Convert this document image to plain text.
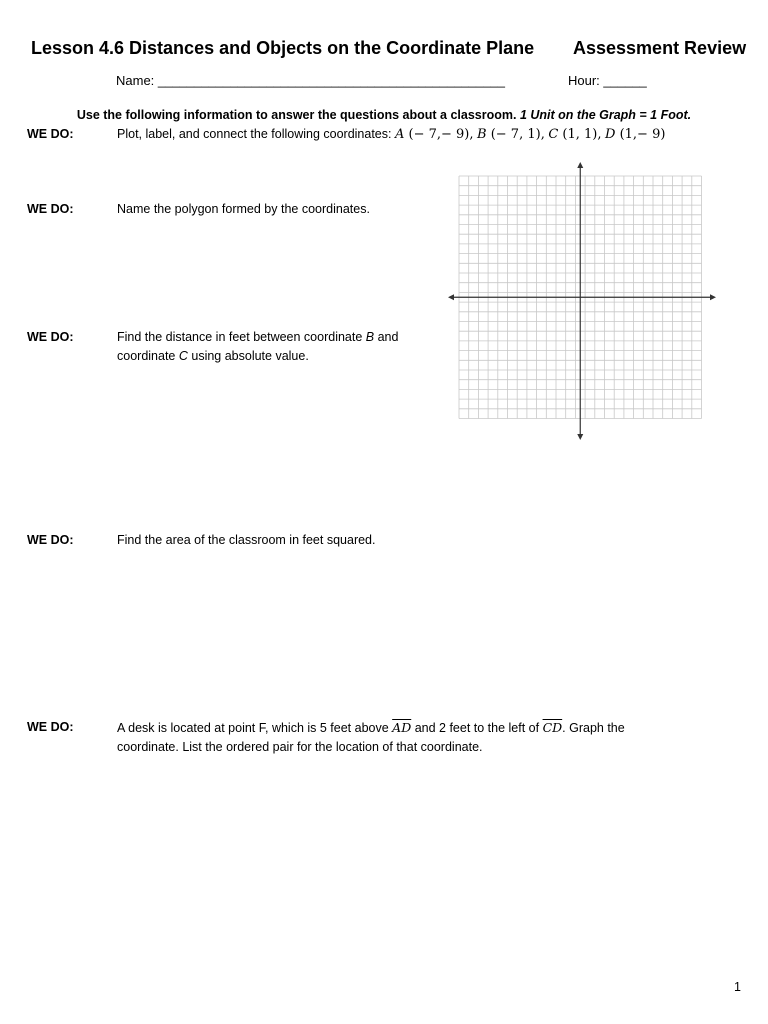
Lesson 4.6 Distances and Objects on the Coordinate Plane Assessment Review
Name: ________________________________________________	Hour: ______
Use the following information to answer the questions about a classroom. 1 Unit on the Graph = 1 Foot.
WE DO:	Plot, label, and connect the following coordinates: A (− 7,− 9), B (− 7, 1), C (1, 1), D (1,− 9)
WE DO:	Name the polygon formed by the coordinates.
WE DO:	Find the distance in feet between coordinate B and
coordinate C using absolute value.
WE DO:	Find the area of the classroom in feet squared.
WE DO:	A desk is located at point F, which is 5 feet above $\overline{AD}$ and 2 feet to the left of $\overline{CD}$. Graph the
coordinate. List the ordered pair for the location of that coordinate.
1
